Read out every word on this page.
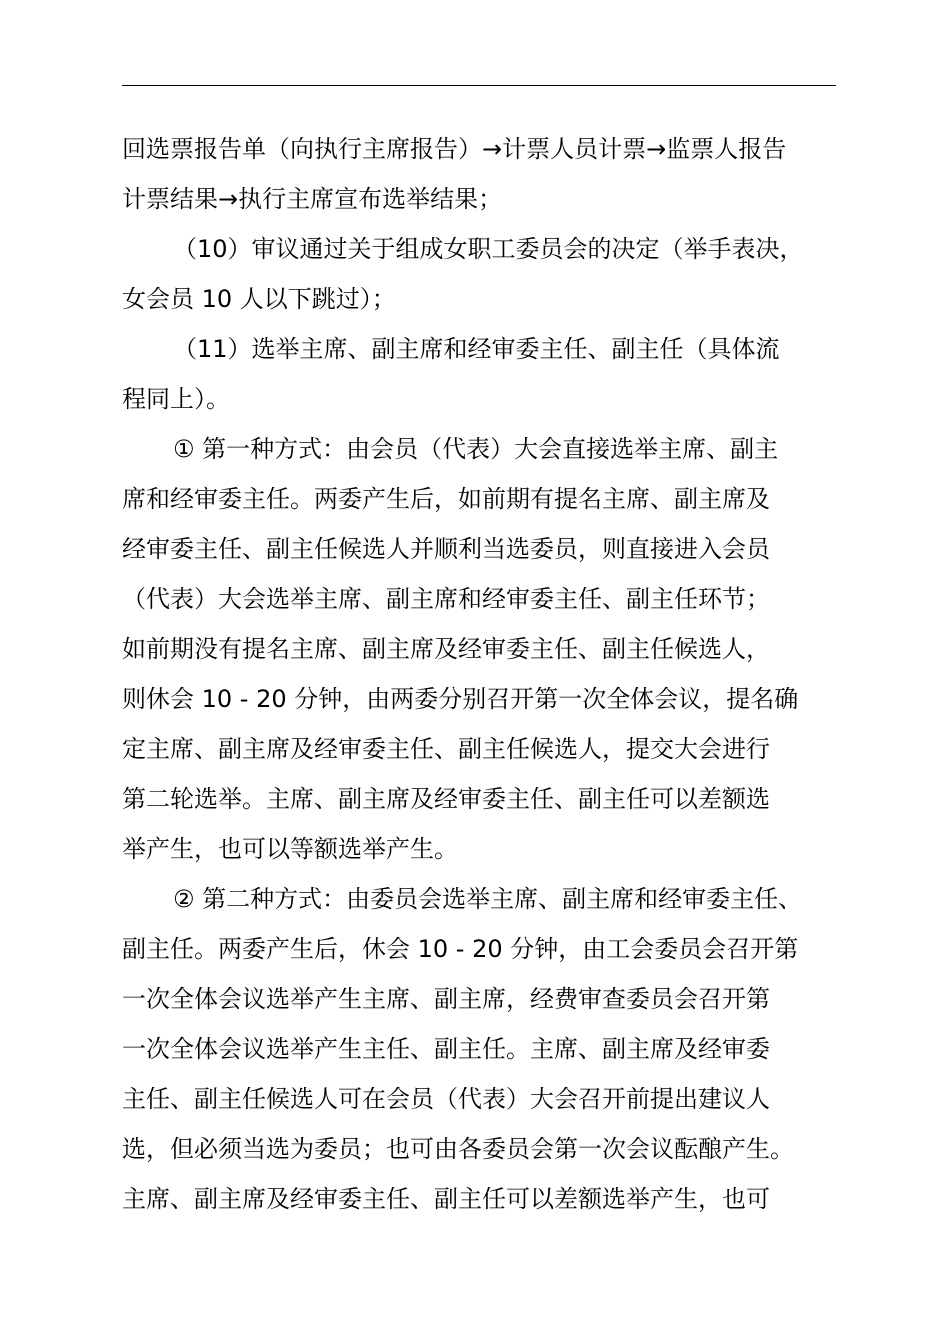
回选票报告单（向执行主席报告）→计票人员计票→监票人报告
计票结果→执行主席宣布选举结果；
（10）审议通过关于组成女职工委员会的决定（举手表决，
女会员 10 人以下跳过）；
（11）选举主席、副主席和经审委主任、副主任（具体流
程同上）。
① 第一种方式：由会员（代表）大会直接选举主席、副主
席和经审委主任。两委产生后，如前期有提名主席、副主席及
经审委主任、副主任候选人并顺利当选委员，则直接进入会员
（代表）大会选举主席、副主席和经审委主任、副主任环节；
如前期没有提名主席、副主席及经审委主任、副主任候选人，
则休会 10 - 20 分钟，由两委分别召开第一次全体会议，提名确
定主席、副主席及经审委主任、副主任候选人，提交大会进行
第二轮选举。主席、副主席及经审委主任、副主任可以差额选
举产生，也可以等额选举产生。
② 第二种方式：由委员会选举主席、副主席和经审委主任、
副主任。两委产生后，休会 10 - 20 分钟，由工会委员会召开第
一次全体会议选举产生主席、副主席，经费审查委员会召开第
一次全体会议选举产生主任、副主任。主席、副主席及经审委
主任、副主任候选人可在会员（代表）大会召开前提出建议人
选，但必须当选为委员；也可由各委员会第一次会议酝酿产生。
主席、副主席及经审委主任、副主任可以差额选举产生，也可
